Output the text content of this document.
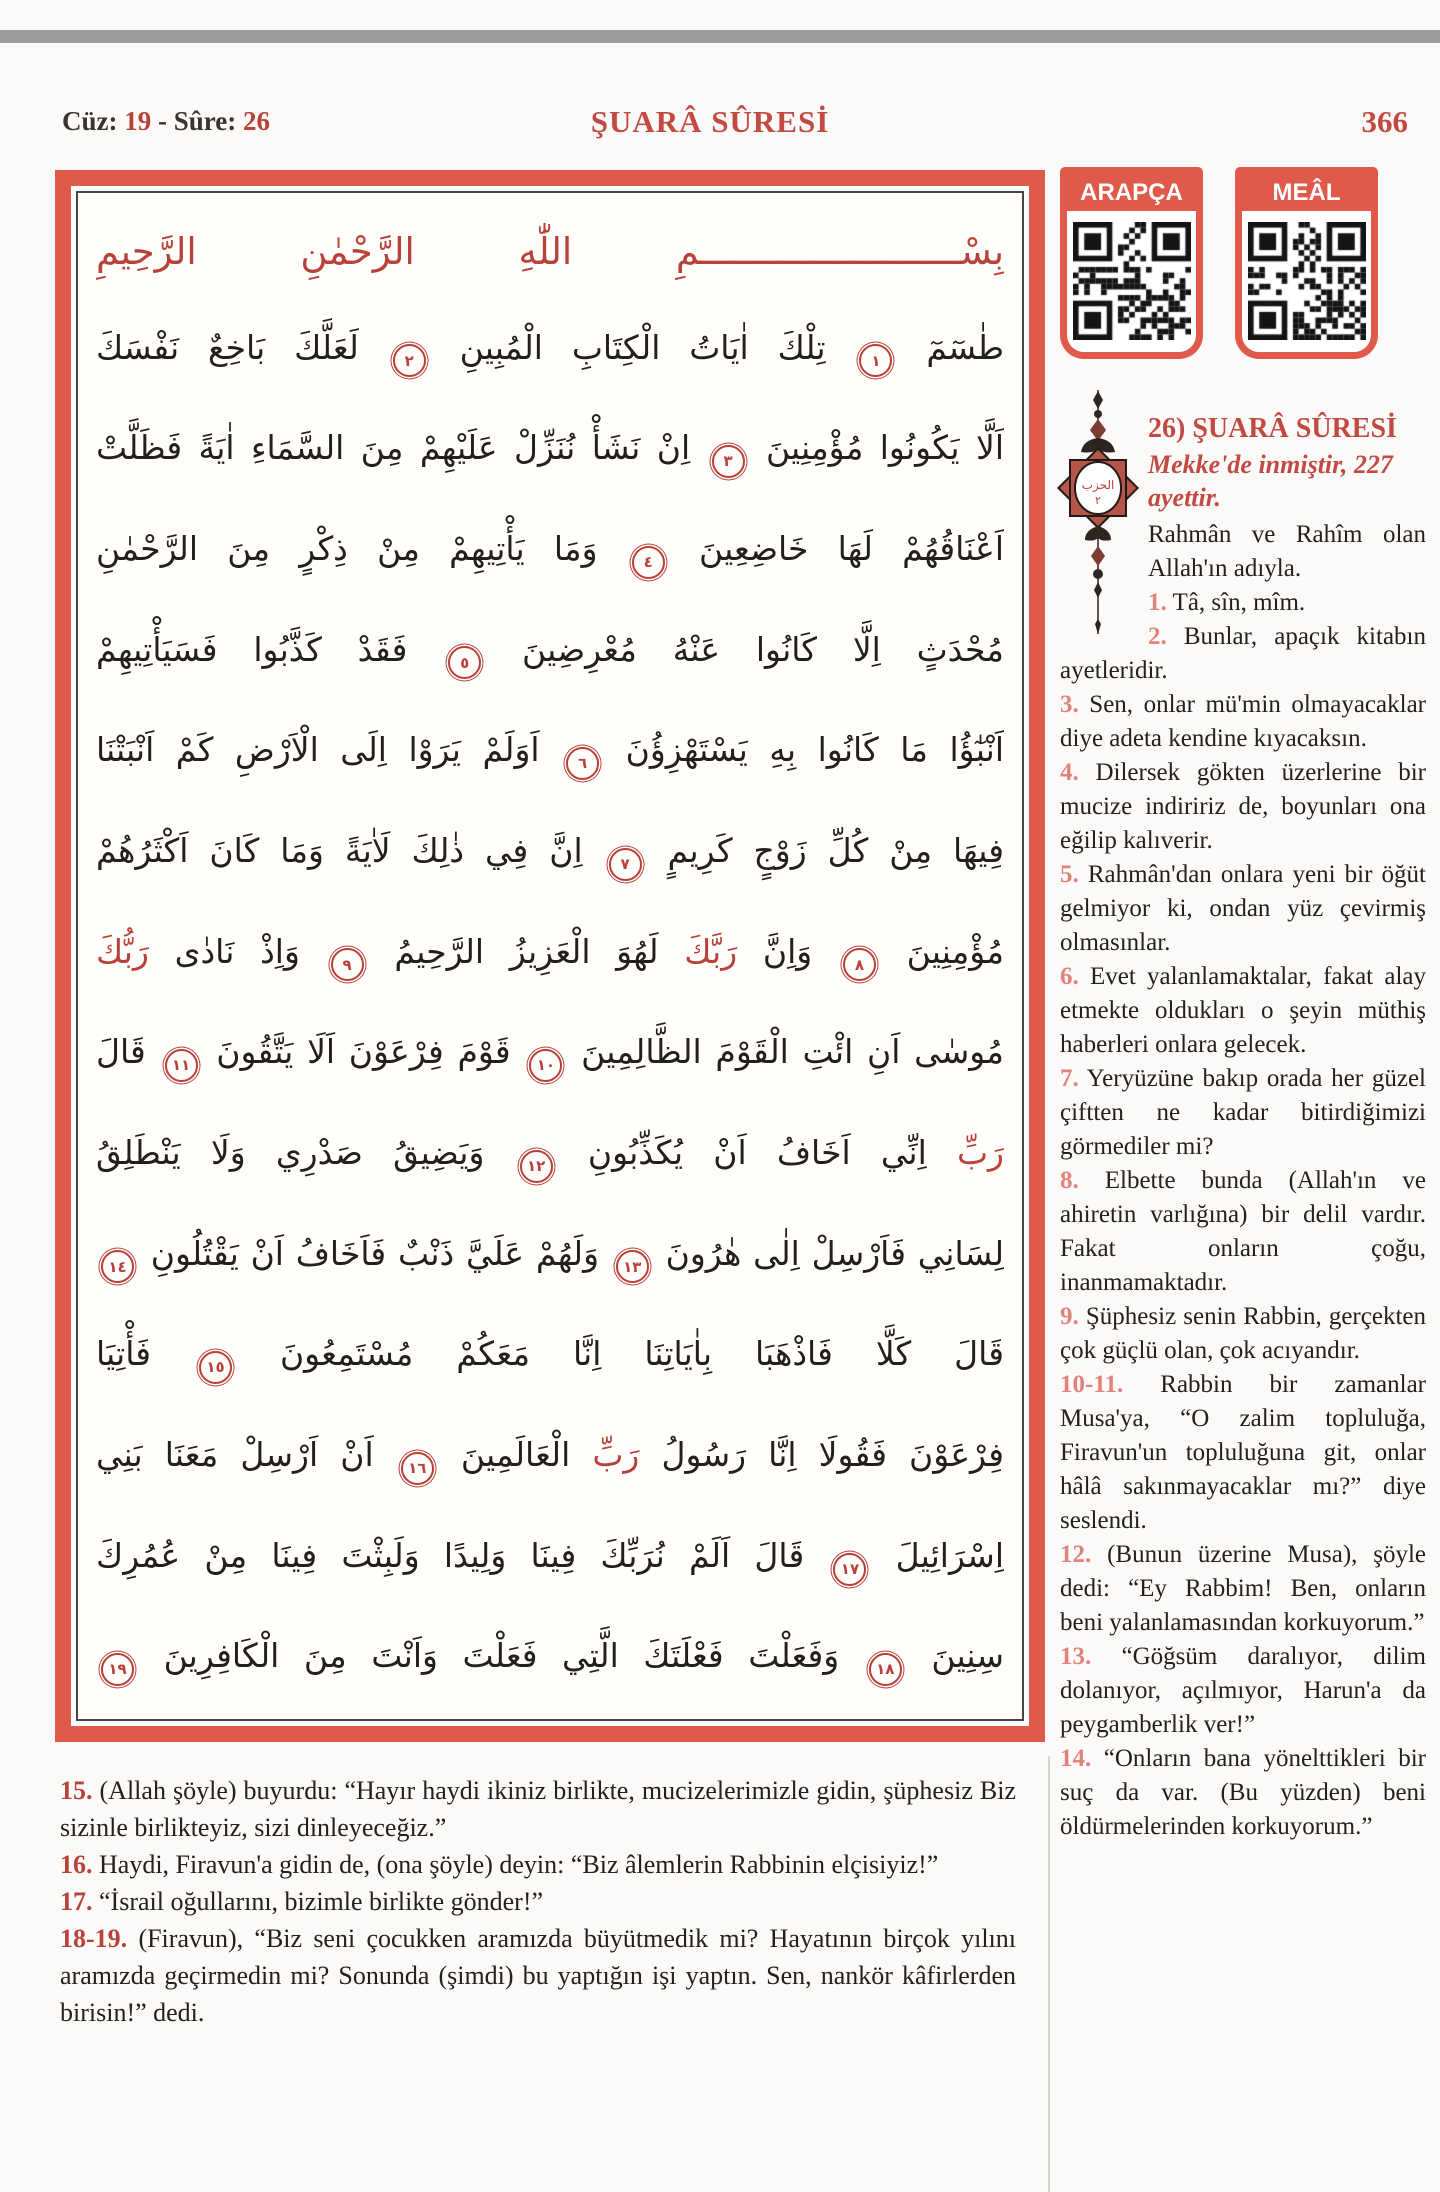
Cüz: 19 - Sûre: 26	ŞUARÂ SÛRESİ	366
بِسْــــــــــــــــــــــــمِ اللّٰهِ الرَّحْمٰنِ الرَّحِيمِ
طٰسٓمٓ ١ تِلْكَ اٰيَاتُ الْكِتَابِ الْمُبِينِ ٢ لَعَلَّكَ بَاخِعٌ نَفْسَكَ
اَلَّا يَكُونُوا مُؤْمِنِينَ ٣ اِنْ نَشَأْ نُنَزِّلْ عَلَيْهِمْ مِنَ السَّمَاءِ اٰيَةً فَظَلَّتْ
اَعْنَاقُهُمْ لَهَا خَاضِعِينَ ٤ وَمَا يَأْتِيهِمْ مِنْ ذِكْرٍ مِنَ الرَّحْمٰنِ
مُحْدَثٍ اِلَّا كَانُوا عَنْهُ مُعْرِضِينَ ٥ فَقَدْ كَذَّبُوا فَسَيَأْتِيهِمْ
اَنْبٰٓؤُا مَا كَانُوا بِهِ يَسْتَهْزِؤُنَ ٦ اَوَلَمْ يَرَوْا اِلَى الْاَرْضِ كَمْ اَنْبَتْنَا
فِيهَا مِنْ كُلِّ زَوْجٍ كَرِيمٍ ٧ اِنَّ فِي ذٰلِكَ لَاٰيَةً وَمَا كَانَ اَكْثَرُهُمْ
مُؤْمِنِينَ ٨ وَاِنَّ رَبَّكَ لَهُوَ الْعَزِيزُ الرَّحِيمُ ٩ وَاِذْ نَادٰى رَبُّكَ
مُوسٰى اَنِ ائْتِ الْقَوْمَ الظَّالِمِينَ ١٠ قَوْمَ فِرْعَوْنَ اَلَا يَتَّقُونَ ١١ قَالَ
رَبِّ اِنِّي اَخَافُ اَنْ يُكَذِّبُونِ ١٢ وَيَضِيقُ صَدْرِي وَلَا يَنْطَلِقُ
لِسَانِي فَاَرْسِلْ اِلٰى هٰرُونَ ١٣ وَلَهُمْ عَلَيَّ ذَنْبٌ فَاَخَافُ اَنْ يَقْتُلُونِ ١٤
قَالَ كَلَّا فَاذْهَبَا بِاٰيَاتِنَا اِنَّا مَعَكُمْ مُسْتَمِعُونَ ١٥ فَأْتِيَا
فِرْعَوْنَ فَقُولَا اِنَّا رَسُولُ رَبِّ الْعَالَمِينَ ١٦ اَنْ اَرْسِلْ مَعَنَا بَنِي
اِسْرَائِيلَ ١٧ قَالَ اَلَمْ نُرَبِّكَ فِينَا وَلِيدًا وَلَبِثْتَ فِينَا مِنْ عُمُرِكَ
سِنِينَ ١٨ وَفَعَلْتَ فَعْلَتَكَ الَّتِي فَعَلْتَ وَاَنْتَ مِنَ الْكَافِرِينَ ١٩

15. (Allah şöyle) buyurdu: “Hayır haydi ikiniz birlikte, mucizelerimizle gidin, şüphesiz Biz sizinle birlikteyiz, sizi dinleyeceğiz.”

16. Haydi, Firavun'a gidin de, (ona şöyle) deyin: “Biz âlemlerin Rabbinin elçisiyiz!”

17. “İsrail oğullarını, bizimle birlikte gönder!”

18-19. (Firavun), “Biz seni çocukken aramızda büyütmedik mi? Hayatının birçok yılını aramızda geçirmedin mi? Sonunda (şimdi) bu yaptığın işi yaptın. Sen, nankör kâfirlerden birisin!” dedi.

ARAPÇA	MEÂL
الحزب
٢
26) ŞUARÂ SÛRESİ
Mekke'de inmiştir, 227 ayettir.

Rahmân ve Rahîm olan Allah'ın adıyla.

1. Tâ, sîn, mîm.

2. Bunlar, apaçık kitabın ayetleridir.

3. Sen, onlar mü'min olmayacaklar diye adeta kendine kıyacaksın.

4. Dilersek gökten üzerlerine bir mucize indiririz de, boyunları ona eğilip kalıverir.

5. Rahmân'dan onlara yeni bir öğüt gelmiyor ki, ondan yüz çevirmiş olmasınlar.

6. Evet yalanlamaktalar, fakat alay etmekte oldukları o şeyin müthiş haberleri onlara gelecek.

7. Yeryüzüne bakıp orada her güzel çiftten ne kadar bitirdiğimizi görmediler mi?

8. Elbette bunda (Allah'ın ve ahiretin varlığına) bir delil vardır. Fakat onların çoğu, inanmamaktadır.

9. Şüphesiz senin Rabbin, gerçekten çok güçlü olan, çok acıyandır.

10-11. Rabbin bir zamanlar Musa'ya, “O zalim topluluğa, Firavun'un topluluğuna git, onlar hâlâ sakınmayacaklar mı?” diye seslendi.

12. (Bunun üzerine Musa), şöyle dedi: “Ey Rabbim! Ben, onların beni yalanlamasından korkuyorum.”

13. “Göğsüm daralıyor, dilim dolanıyor, açılmıyor, Harun'a da peygamberlik ver!”

14. “Onların bana yönelttikleri bir suç da var. (Bu yüzden) beni öldürmelerinden korkuyorum.”
